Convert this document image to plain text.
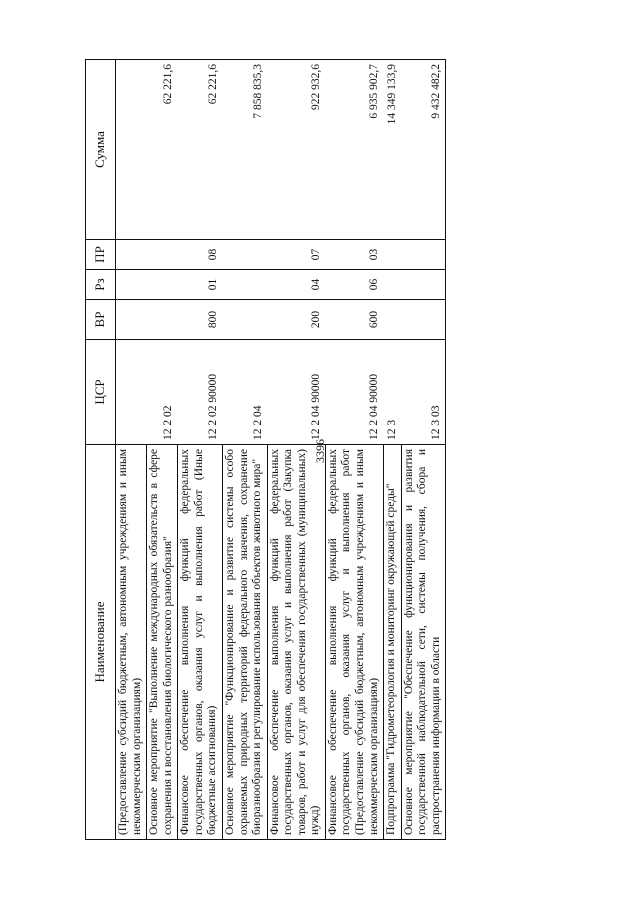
3396
Наименование	ЦСР	ВР	Рз	ПР	Сумма
(Предоставление субсидий бюджетным, автономным учреждениям и иным некоммерческим организациям)					
Основное мероприятие "Выполнение международных обязательств в сфере сохранения и восстановления биологического разнообразия"	12 2 02				62 221,6
Финансовое обеспечение выполнения функций федеральных государственных органов, оказания услуг и выполнения работ (Иные бюджетные ассигнования)	12 2 02 90000	800	01	08	62 221,6
Основное мероприятие "Функционирование и развитие системы особо охраняемых природных территорий федерального значения, сохранение биоразнообразия и регулирование использования объектов животного мира"	12 2 04				7 858 835,3
Финансовое обеспечение выполнения функций федеральных государственных органов, оказания услуг и выполнения работ (Закупка товаров, работ и услуг для обеспечения государственных (муниципальных) нужд)	12 2 04 90000	200	04	07	922 932,6
Финансовое обеспечение выполнения функций федеральных государственных органов, оказания услуг и выполнения работ (Предоставление субсидий бюджетным, автономным учреждениям и иным некоммерческим организациям)	12 2 04 90000	600	06	03	6 935 902,7
Подпрограмма "Гидрометеорология и мониторинг окружающей среды"	12 3				14 349 133,9
Основное мероприятие "Обеспечение функционирования и развития государственной наблюдательной сети, системы получения, сбора и распространения информации в области	12 3 03				9 432 482,2
